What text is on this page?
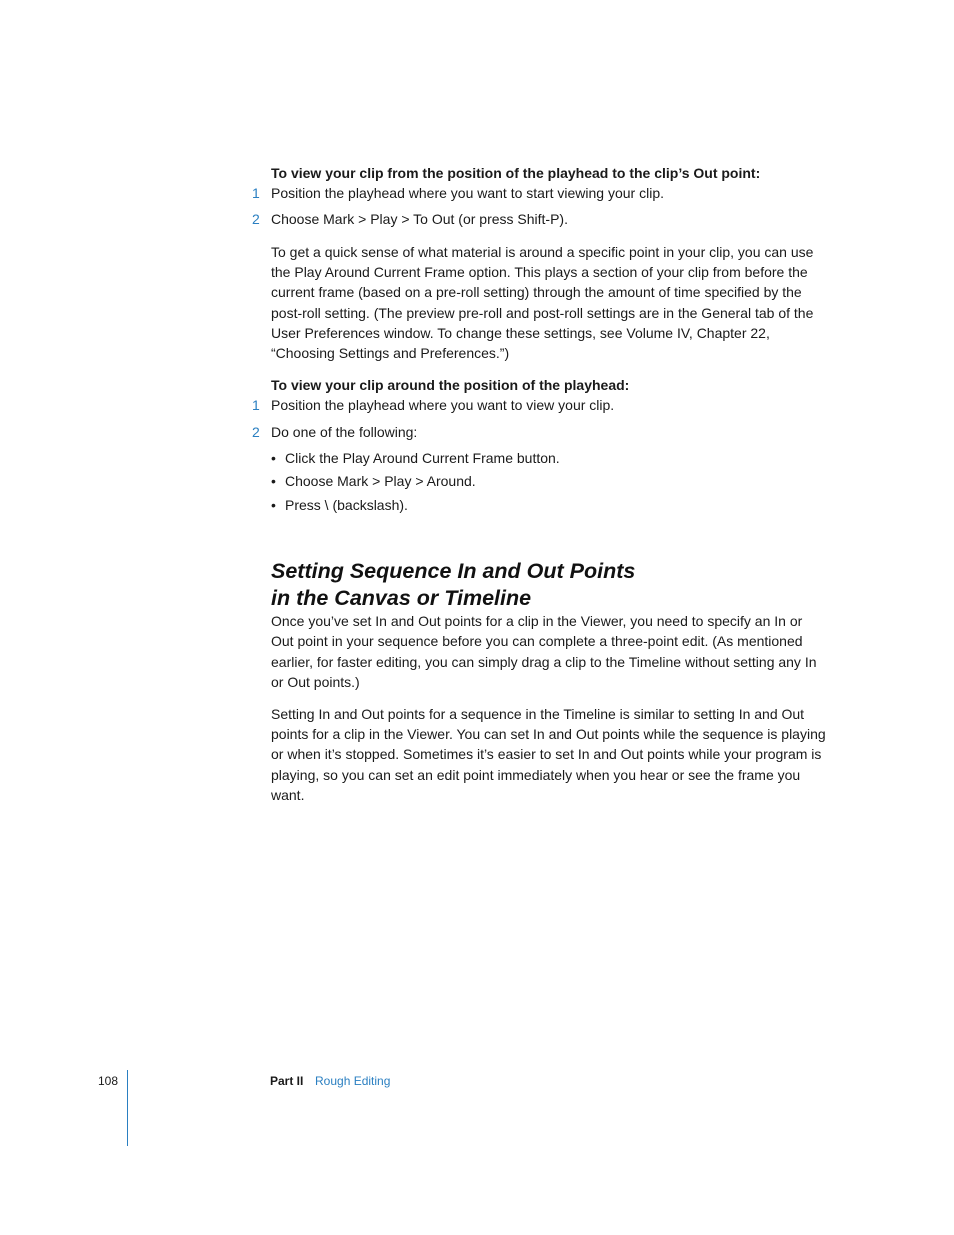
To view your clip from the position of the playhead to the clip’s Out point:

1 Position the playhead where you want to start viewing your clip.
2 Choose Mark > Play > To Out (or press Shift-P).

To get a quick sense of what material is around a specific point in your clip, you can use the Play Around Current Frame option. This plays a section of your clip from before the current frame (based on a pre-roll setting) through the amount of time specified by the post-roll setting. (The preview pre-roll and post-roll settings are in the General tab of the User Preferences window. To change these settings, see Volume IV, Chapter 22, “Choosing Settings and Preferences.”)

To view your clip around the position of the playhead:

1 Position the playhead where you want to view your clip.
2 Do one of the following:
• Click the Play Around Current Frame button.
• Choose Mark > Play > Around.
• Press \ (backslash).
Setting Sequence In and Out Points
in the Canvas or Timeline

Once you’ve set In and Out points for a clip in the Viewer, you need to specify an In or Out point in your sequence before you can complete a three-point edit. (As mentioned earlier, for faster editing, you can simply drag a clip to the Timeline without setting any In or Out points.)

Setting In and Out points for a sequence in the Timeline is similar to setting In and Out points for a clip in the Viewer. You can set In and Out points while the sequence is playing or when it’s stopped. Sometimes it’s easier to set In and Out points while your program is playing, so you can set an edit point immediately when you hear or see the frame you want.

108	Part II Rough Editing
